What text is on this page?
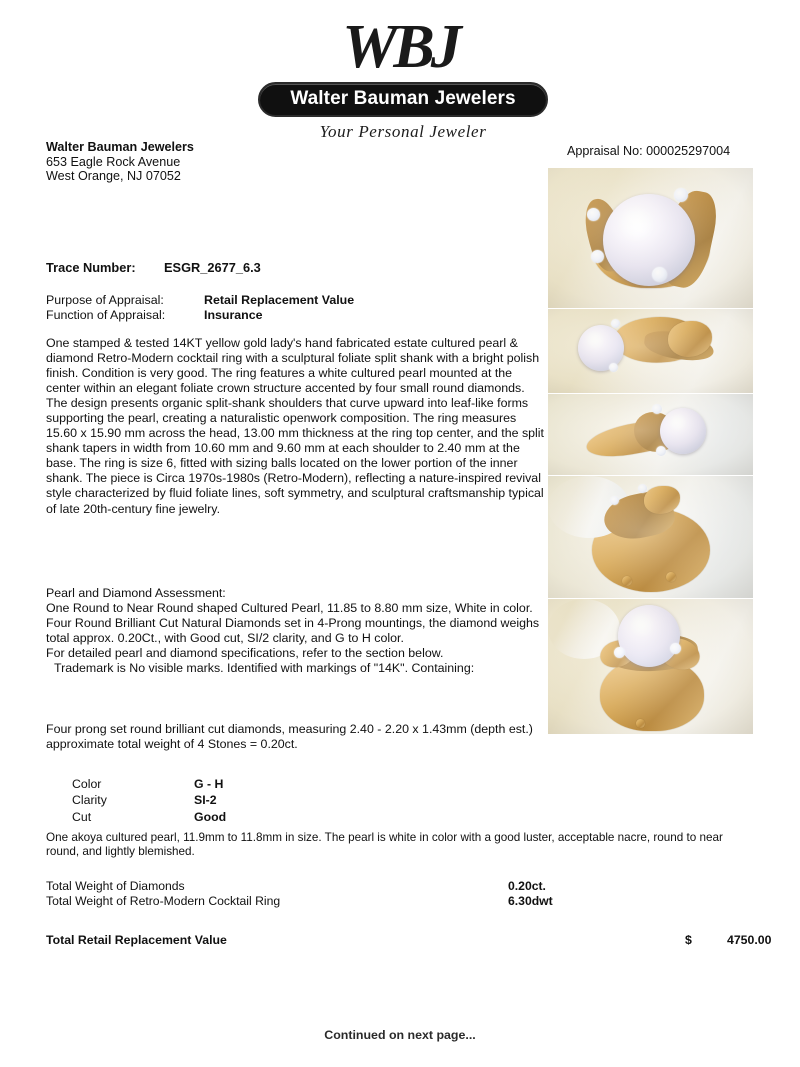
WBJ
Walter Bauman Jewelers
Your Personal Jeweler
Walter Bauman Jewelers
653 Eagle Rock Avenue
West Orange, NJ 07052
Appraisal No: 000025297004
Trace Number: ESGR_2677_6.3
Purpose of Appraisal:	Retail Replacement Value
Function of Appraisal:	Insurance
One stamped & tested 14KT yellow gold lady's hand fabricated estate cultured pearl & diamond Retro-Modern cocktail ring with a sculptural foliate split shank with a bright polish finish. Condition is very good. The ring features a white cultured pearl mounted at the center within an elegant foliate crown structure accented by four small round diamonds. The design presents organic split-shank shoulders that curve upward into leaf-like forms supporting the pearl, creating a naturalistic openwork composition. The ring measures 15.60 x 15.90 mm across the head, 13.00 mm thickness at the ring top center, and the split shank tapers in width from 10.60 mm and 9.60 mm at each shoulder to 2.40 mm at the base. The ring is size 6, fitted with sizing balls located on the lower portion of the inner shank. The piece is Circa 1970s-1980s (Retro-Modern), reflecting a nature-inspired revival style characterized by fluid foliate lines, soft symmetry, and sculptural craftsmanship typical of late 20th-century fine jewelry.
Pearl and Diamond Assessment:
One Round to Near Round shaped Cultured Pearl, 11.85 to 8.80 mm size, White in color.
Four Round Brilliant Cut Natural Diamonds set in 4-Prong mountings, the diamond weighs total approx. 0.20Ct., with Good cut, SI/2 clarity, and G to H color.
For detailed pearl and diamond specifications, refer to the section below.
Trademark is No visible marks. Identified with markings of "14K". Containing:
Four prong set round brilliant cut diamonds, measuring 2.40 - 2.20 x 1.43mm (depth est.) approximate total weight of 4 Stones = 0.20ct.
Color	G - H
Clarity	SI-2
Cut	Good
One akoya cultured pearl, 11.9mm to 11.8mm in size. The pearl is white in color with a good luster, acceptable nacre, round to near round, and lightly blemished.
Total Weight of Diamonds	0.20ct.
Total Weight of Retro-Modern Cocktail Ring	6.30dwt
Total Retail Replacement Value	$	4750.00
Continued on next page...
